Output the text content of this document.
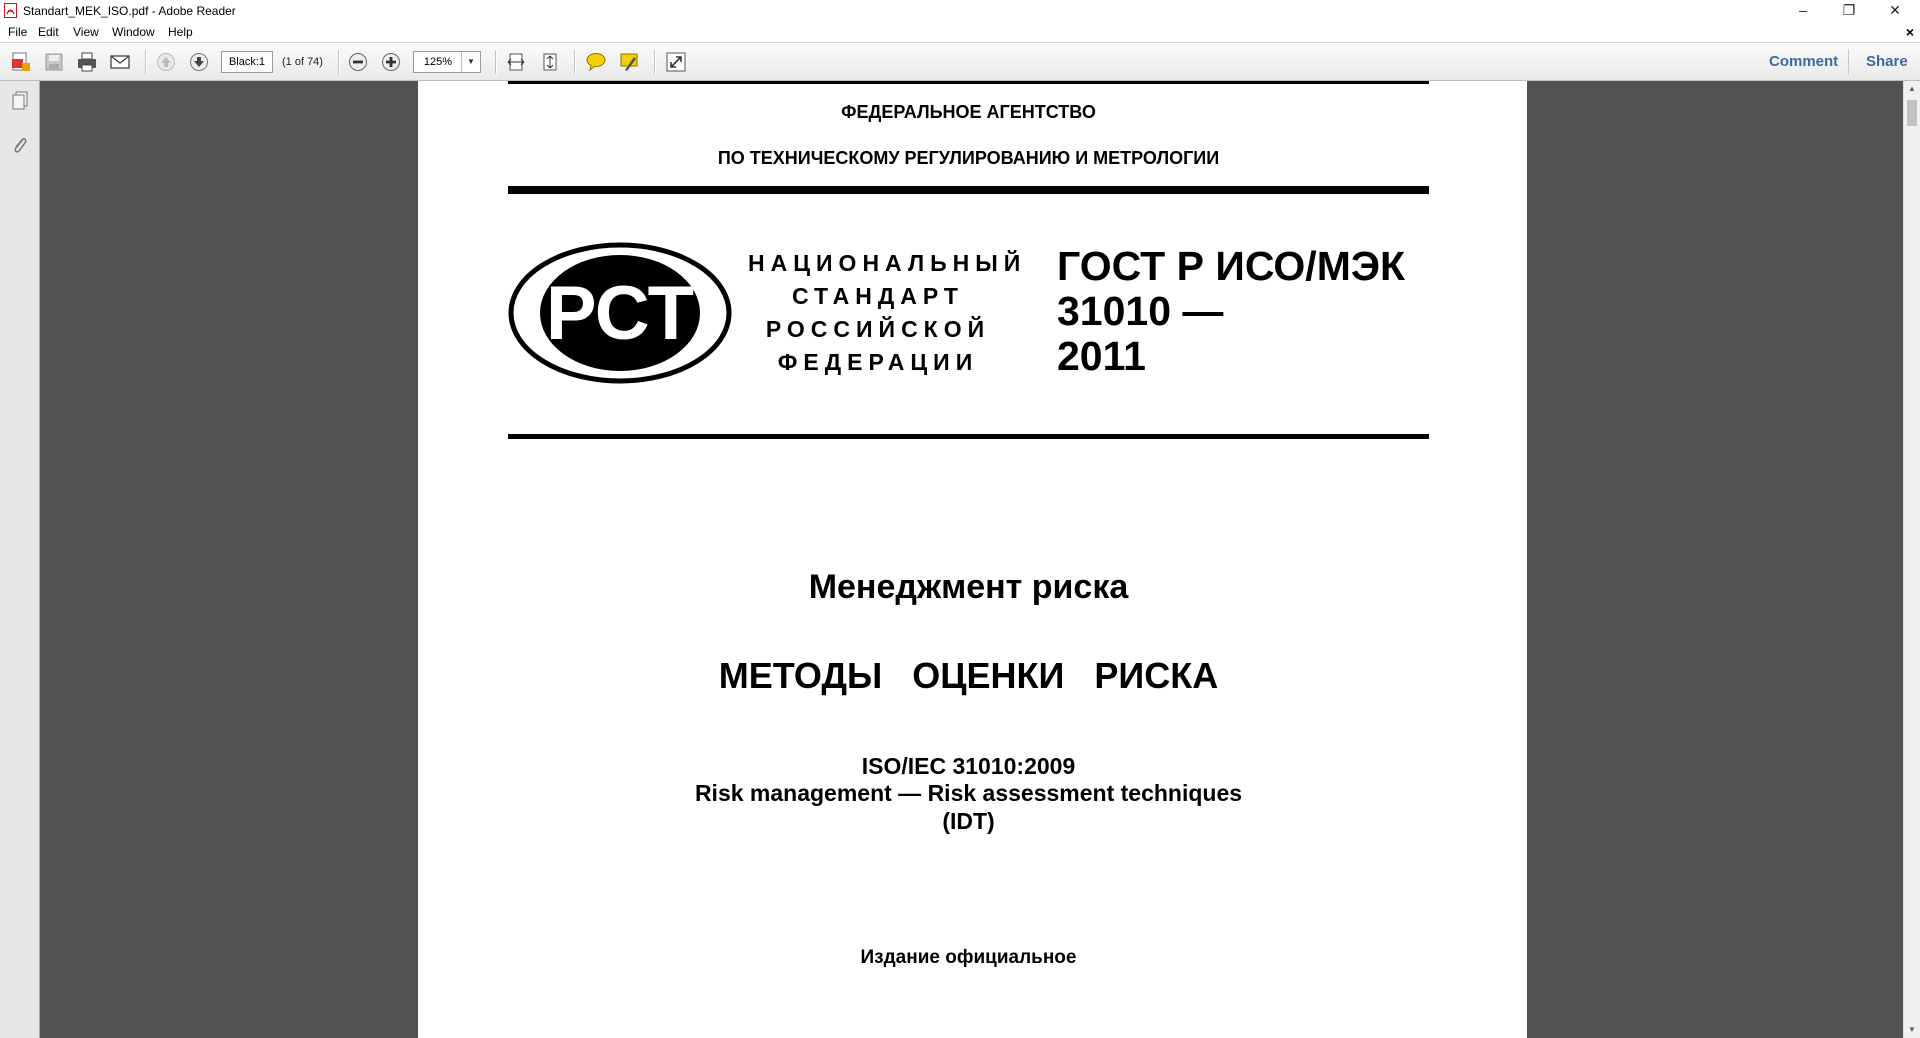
Standart_MEK_ISO.pdf - Adobe Reader	–	❐	✕
File Edit View Window Help	×
Black:1	(1 of 74)	125%	▼	Comment Share
ФЕДЕРАЛЬНОЕ АГЕНТСТВО
ПО ТЕХНИЧЕСКОМУ РЕГУЛИРОВАНИЮ И МЕТРОЛОГИИ
РСТ
НАЦИОНАЛЬНЫЙ
СТАНДАРТ
РОССИЙСКОЙ
ФЕДЕРАЦИИ
ГОСТ Р ИСО/МЭК
31010 —
2011
Менеджмент риска
МЕТОДЫ   ОЦЕНКИ   РИСКА
ISO/IEC 31010:2009
Risk management — Risk assessment techniques
(IDT)
Издание официальное
▲
▼
